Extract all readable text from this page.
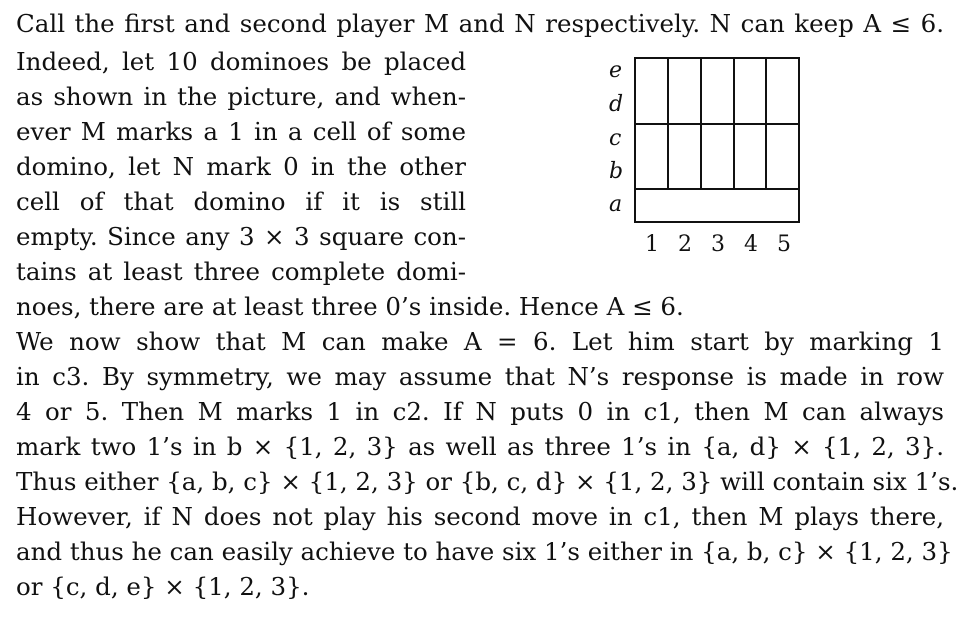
Call the first and second player M and N respectively. N can keep A ≤ 6.
Indeed, let 10 dominoes be placed
as shown in the picture, and when-
ever M marks a 1 in a cell of some
domino, let N mark 0 in the other
cell of that domino if it is still
empty. Since any 3 × 3 square con-
tains at least three complete domi-
noes, there are at least three 0’s inside. Hence A ≤ 6.
We now show that M can make A = 6. Let him start by marking 1
in c3. By symmetry, we may assume that N’s response is made in row
4 or 5. Then M marks 1 in c2. If N puts 0 in c1, then M can always
mark two 1’s in b × {1, 2, 3} as well as three 1’s in {a, d} × {1, 2, 3}.
Thus either {a, b, c} × {1, 2, 3} or {b, c, d} × {1, 2, 3} will contain six 1’s.
However, if N does not play his second move in c1, then M plays there,
and thus he can easily achieve to have six 1’s either in {a, b, c} × {1, 2, 3}
or {c, d, e} × {1, 2, 3}.
e
d
c
b
a
1 2 3 4 5
